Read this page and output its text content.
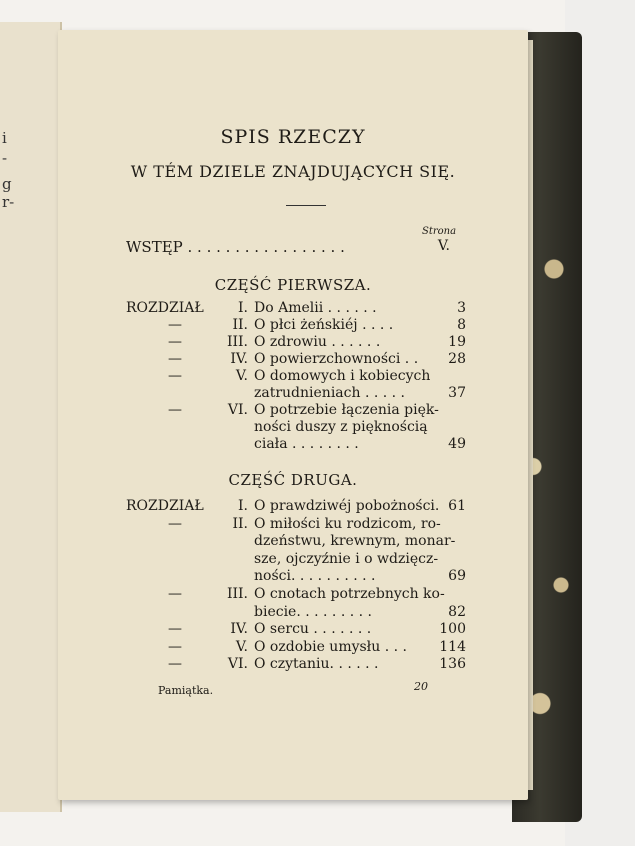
i
-
g
r-
SPIS RZECZY
W TÉM DZIELE ZNAJDUJĄCYCH SIĘ.
Strona
WSTĘP . . . . . . . . . . . . . . . . .	V.
CZĘŚĆ PIERWSZA.
ROZDZIAŁ	I. Do Amelii . . . . . .	3
—	II. O płci żeńskiéj . . . .	8
—	III. O zdrowiu . . . . . .	19
—	IV. O powierzchowności . .	28
—	V. O domowych i kobiecych
zatrudnieniach . . . . .	37
—	VI. O potrzebie łączenia pięk-
ności duszy z pięknością
ciała . . . . . . . .	49
CZĘŚĆ DRUGA.
ROZDZIAŁ	I. O prawdziwéj pobożności. 61
—	II. O miłości ku rodzicom, ro-
dzeństwu, krewnym, monar-
sze, ojczyźnie i o wdzięcz-
ności. . . . . . . . . .	69
—	III. O cnotach potrzebnych ko-
biecie. . . . . . . . .	82
—	IV. O sercu . . . . . . .	100
—	V. O ozdobie umysłu . . .	114
—	VI. O czytaniu. . . . . .	136
Pamiątka.	20
